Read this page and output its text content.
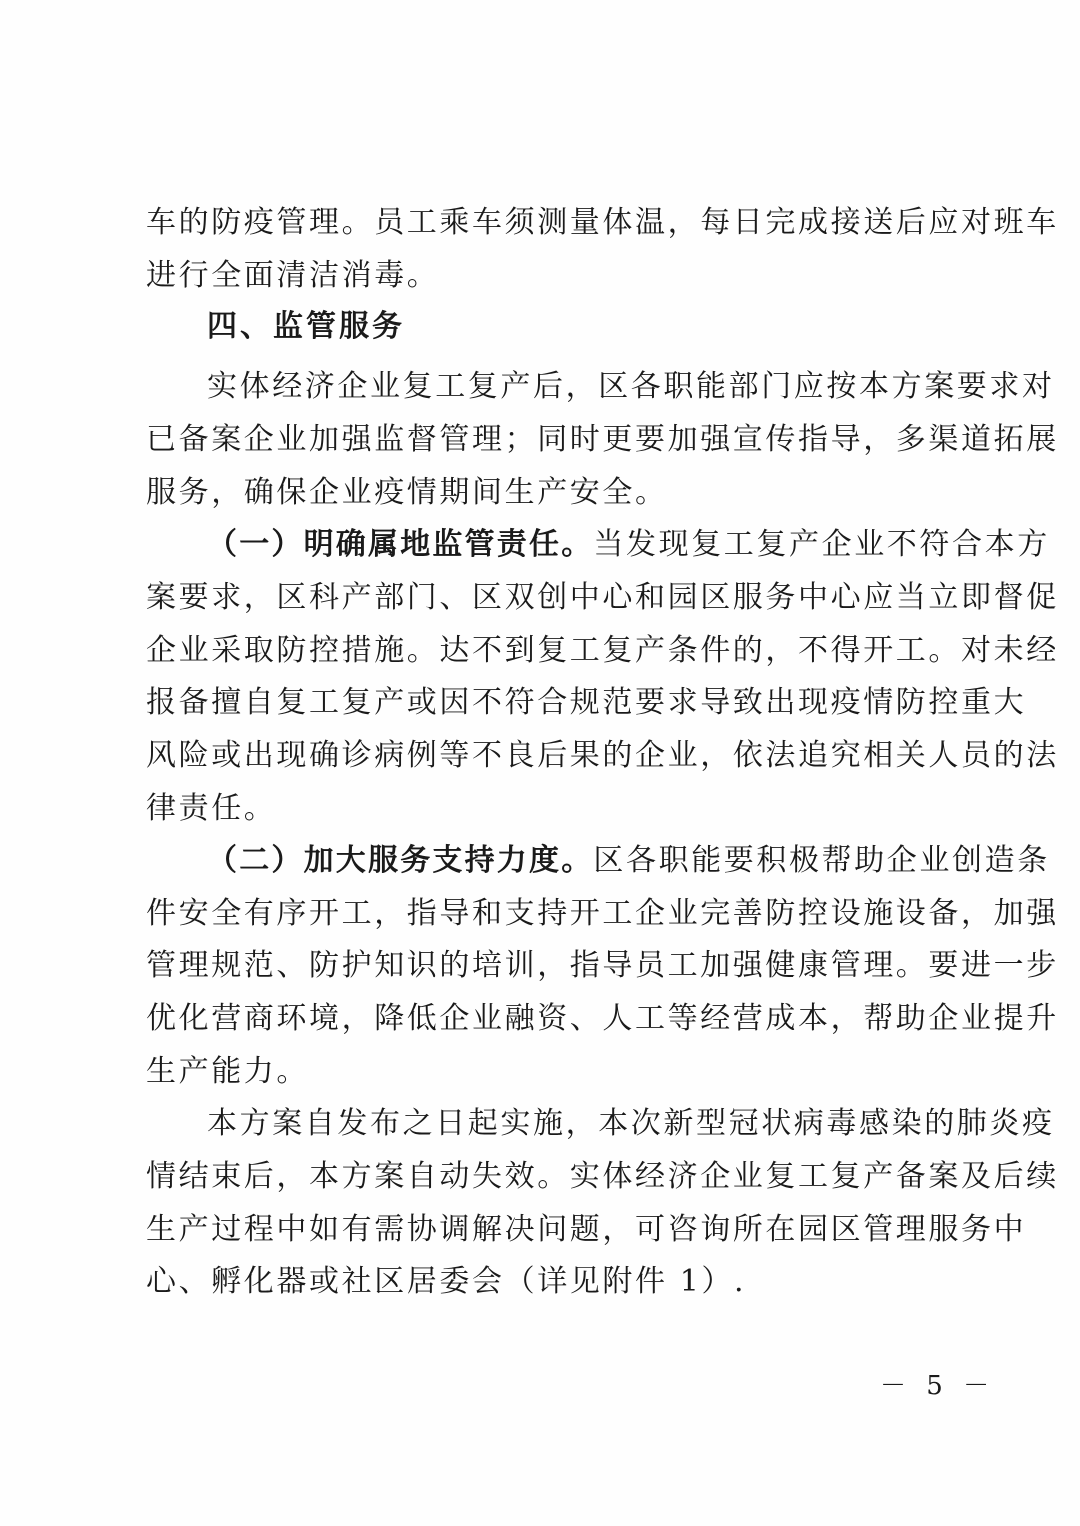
车的防疫管理。员工乘车须测量体温，每日完成接送后应对班车
进行全面清洁消毒。
四、监管服务
实体经济企业复工复产后，区各职能部门应按本方案要求对
已备案企业加强监督管理；同时更要加强宣传指导，多渠道拓展
服务，确保企业疫情期间生产安全。
（一）明确属地监管责任。当发现复工复产企业不符合本方
案要求，区科产部门、区双创中心和园区服务中心应当立即督促
企业采取防控措施。达不到复工复产条件的，不得开工。对未经
报备擅自复工复产或因不符合规范要求导致出现疫情防控重大
风险或出现确诊病例等不良后果的企业，依法追究相关人员的法
律责任。
（二）加大服务支持力度。区各职能要积极帮助企业创造条
件安全有序开工，指导和支持开工企业完善防控设施设备，加强
管理规范、防护知识的培训，指导员工加强健康管理。要进一步
优化营商环境，降低企业融资、人工等经营成本，帮助企业提升
生产能力。
本方案自发布之日起实施，本次新型冠状病毒感染的肺炎疫
情结束后，本方案自动失效。实体经济企业复工复产备案及后续
生产过程中如有需协调解决问题，可咨询所在园区管理服务中
心、孵化器或社区居委会（详见附件 1）.
－ 5 －
